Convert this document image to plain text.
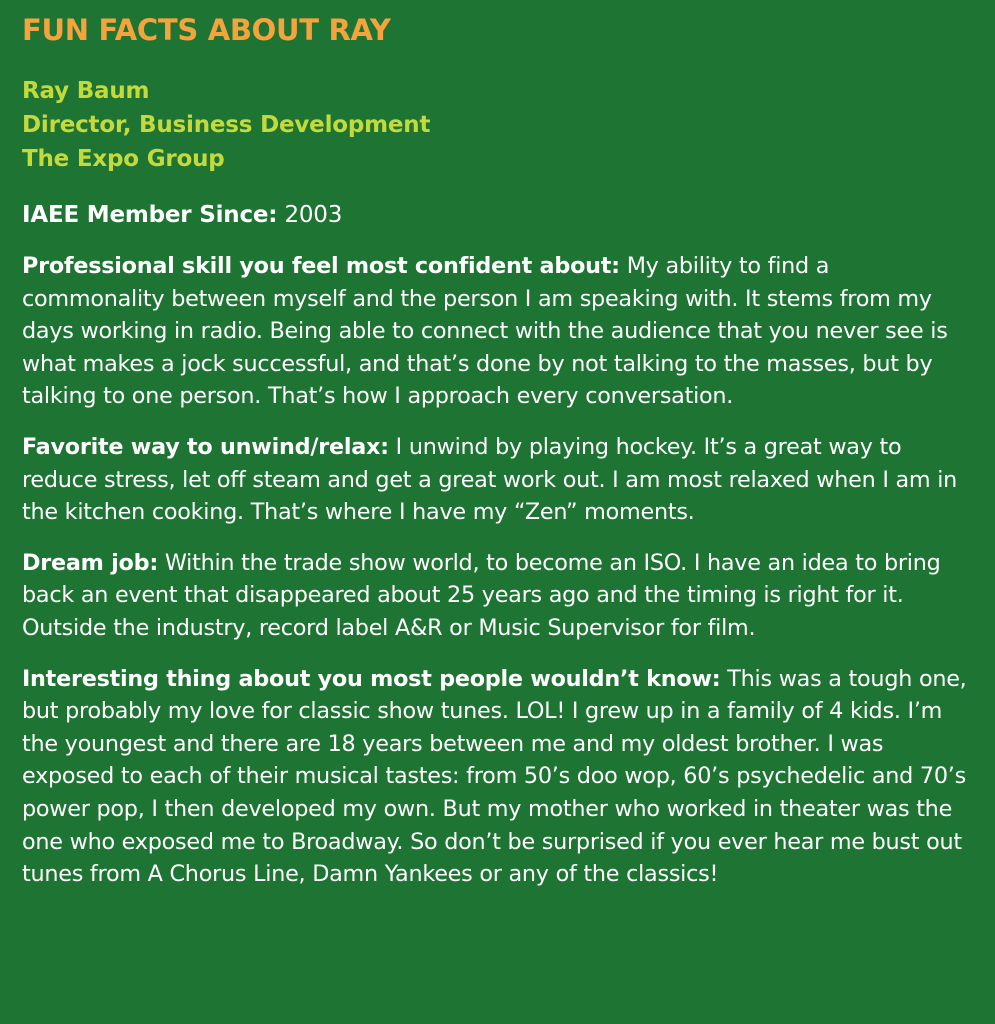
FUN FACTS ABOUT RAY
Ray Baum
Director, Business Development
The Expo Group
IAEE Member Since: 2003
Professional skill you feel most confident about: My ability to find a commonality between myself and the person I am speaking with. It stems from my days working in radio. Being able to connect with the audience that you never see is what makes a jock successful, and that’s done by not talking to the masses, but by talking to one person. That’s how I approach every conversation.
Favorite way to unwind/relax: I unwind by playing hockey. It’s a great way to reduce stress, let off steam and get a great work out. I am most relaxed when I am in the kitchen cooking. That’s where I have my “Zen” moments.
Dream job: Within the trade show world, to become an ISO. I have an idea to bring back an event that disappeared about 25 years ago and the timing is right for it. Outside the industry, record label A&R or Music Supervisor for film.
Interesting thing about you most people wouldn’t know: This was a tough one, but probably my love for classic show tunes. LOL! I grew up in a family of 4 kids. I’m the youngest and there are 18 years between me and my oldest brother. I was exposed to each of their musical tastes: from 50’s doo wop, 60’s psychedelic and 70’s power pop, I then developed my own. But my mother who worked in theater was the one who exposed me to Broadway. So don’t be surprised if you ever hear me bust out tunes from A Chorus Line, Damn Yankees or any of the classics!
